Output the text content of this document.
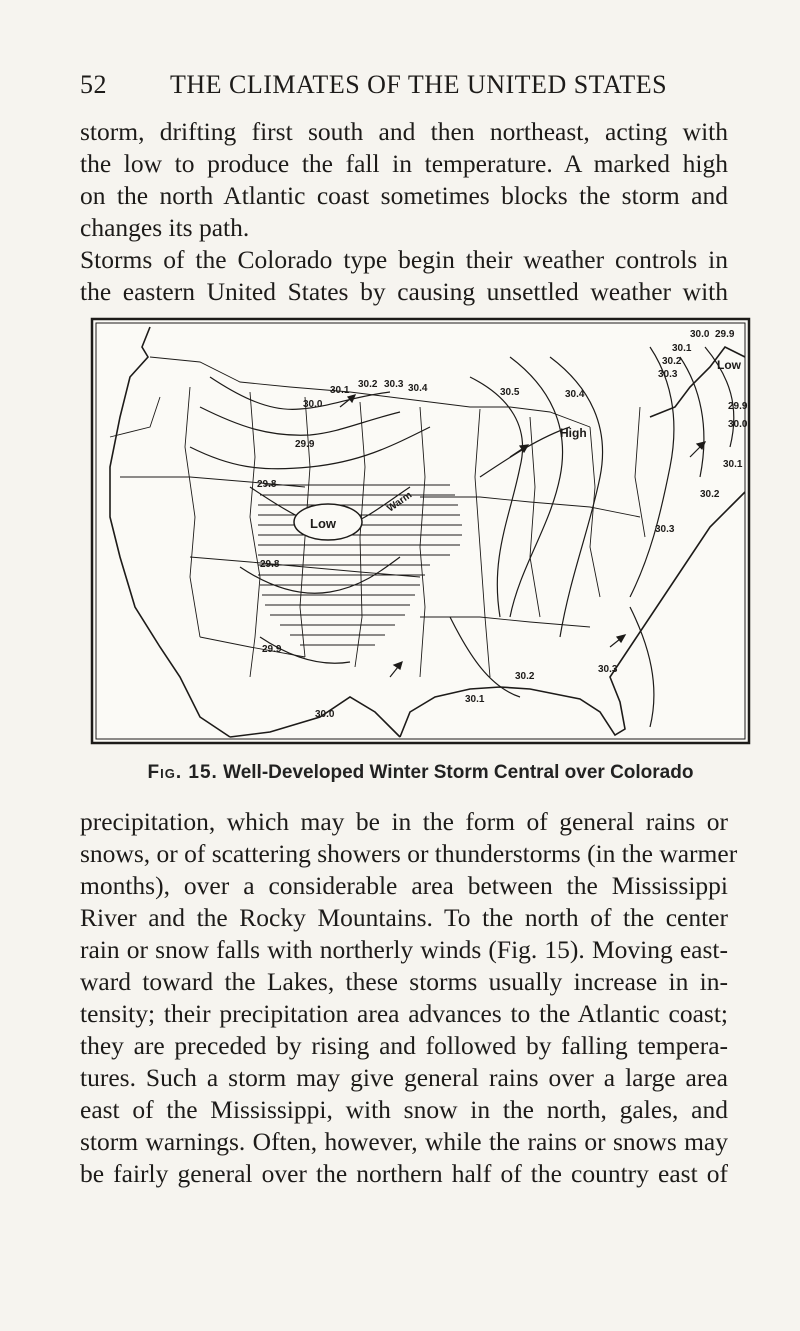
52 THE CLIMATES OF THE UNITED STATES
storm, drifting first south and then northeast, acting with
the low to produce the fall in temperature. A marked high
on the north Atlantic coast sometimes blocks the storm and
changes its path.
Storms of the Colorado type begin their weather controls in
the eastern United States by causing unsettled weather with
Low
Low
High
Warm
30.0
30.1
30.2 30.3 30.4	30.5	30.4
29.9
29.8
29.8
29.9
30.0
30.1
30.2
30.3
30.0 29.9
30.1
30.2
30.3
29.9
30.0
30.1
30.2
30.3
Fig. 15. Well-Developed Winter Storm Central over Colorado
precipitation, which may be in the form of general rains or
snows, or of scattering showers or thunderstorms (in the warmer
months), over a considerable area between the Mississippi
River and the Rocky Mountains. To the north of the center
rain or snow falls with northerly winds (Fig. 15). Moving east-
ward toward the Lakes, these storms usually increase in in-
tensity; their precipitation area advances to the Atlantic coast;
they are preceded by rising and followed by falling tempera-
tures. Such a storm may give general rains over a large area
east of the Mississippi, with snow in the north, gales, and
storm warnings. Often, however, while the rains or snows may
be fairly general over the northern half of the country east of
